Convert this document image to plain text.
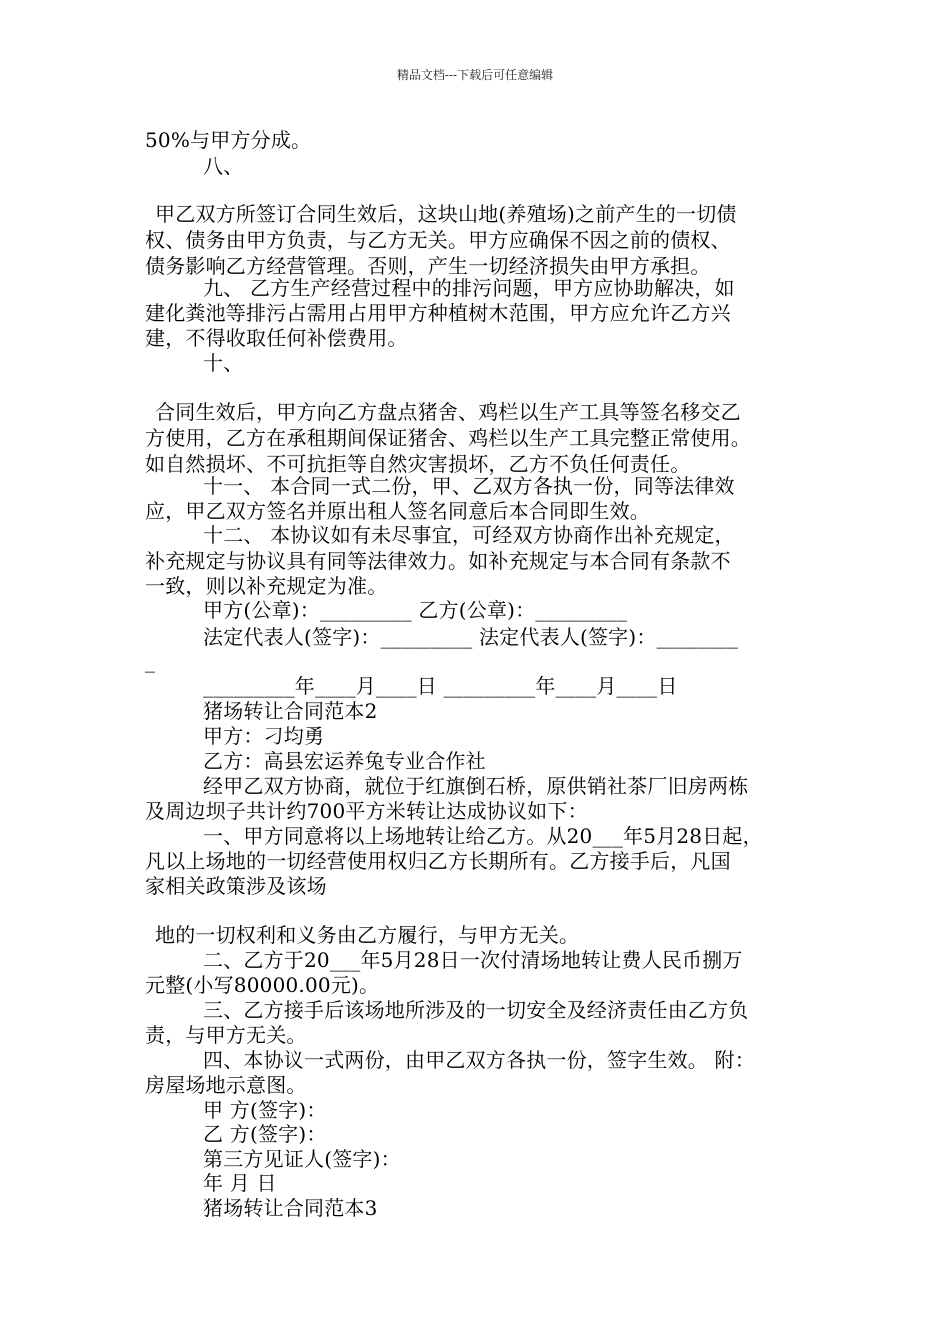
精品文档---下载后可任意编辑
50%与甲方分成。
八、
甲乙双方所签订合同生效后，这块山地(养殖场)之前产生的一切债
权、债务由甲方负责，与乙方无关。甲方应确保不因之前的债权、
债务影响乙方经营管理。否则，产生一切经济损失由甲方承担。
九、 乙方生产经营过程中的排污问题，甲方应协助解决，如
建化粪池等排污占需用占用甲方种植树木范围，甲方应允许乙方兴
建，不得收取任何补偿费用。
十、
合同生效后，甲方向乙方盘点猪舍、鸡栏以生产工具等签名移交乙
方使用，乙方在承租期间保证猪舍、鸡栏以生产工具完整正常使用。
如自然损坏、不可抗拒等自然灾害损坏，乙方不负任何责任。
十一、 本合同一式二份，甲、乙双方各执一份，同等法律效
应，甲乙双方签名并原出租人签名同意后本合同即生效。
十二、 本协议如有未尽事宜，可经双方协商作出补充规定，
补充规定与协议具有同等法律效力。如补充规定与本合同有条款不
一致，则以补充规定为准。
甲方(公章)：_________ 乙方(公章)：_________
法定代表人(签字)：_________ 法定代表人(签字)：________
_
_________年____月____日 _________年____月____日
猪场转让合同范本2
甲方：刁均勇
乙方：高县宏运养兔专业合作社
经甲乙双方协商，就位于红旗倒石桥，原供销社茶厂旧房两栋
及周边坝子共计约700平方米转让达成协议如下：
一、甲方同意将以上场地转让给乙方。从20___年5月28日起，
凡以上场地的一切经营使用权归乙方长期所有。乙方接手后，凡国
家相关政策涉及该场
地的一切权利和义务由乙方履行，与甲方无关。
二、乙方于20___年5月28日一次付清场地转让费人民币捌万
元整(小写80000.00元)。
三、乙方接手后该场地所涉及的一切安全及经济责任由乙方负
责，与甲方无关。
四、本协议一式两份，由甲乙双方各执一份，签字生效。 附：
房屋场地示意图。
甲 方(签字)：
乙 方(签字)：
第三方见证人(签字)：
年 月 日
猪场转让合同范本3
